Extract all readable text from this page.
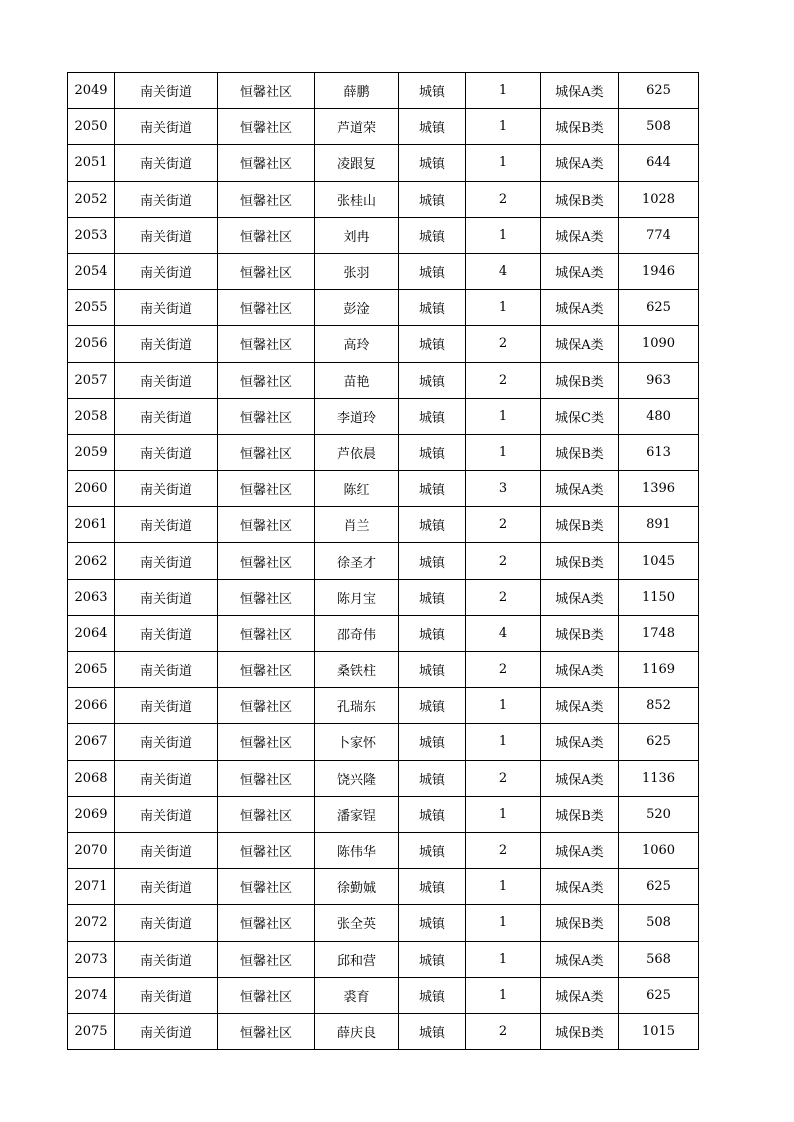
2049	南关街道	恒馨社区	薛鹏	城镇	1	城保A类	625
2050	南关街道	恒馨社区	芦道荣	城镇	1	城保B类	508
2051	南关街道	恒馨社区	凌跟复	城镇	1	城保A类	644
2052	南关街道	恒馨社区	张桂山	城镇	2	城保B类	1028
2053	南关街道	恒馨社区	刘冉	城镇	1	城保A类	774
2054	南关街道	恒馨社区	张羽	城镇	4	城保A类	1946
2055	南关街道	恒馨社区	彭淦	城镇	1	城保A类	625
2056	南关街道	恒馨社区	高玲	城镇	2	城保A类	1090
2057	南关街道	恒馨社区	苗艳	城镇	2	城保B类	963
2058	南关街道	恒馨社区	李道玲	城镇	1	城保C类	480
2059	南关街道	恒馨社区	芦依晨	城镇	1	城保B类	613
2060	南关街道	恒馨社区	陈红	城镇	3	城保A类	1396
2061	南关街道	恒馨社区	肖兰	城镇	2	城保B类	891
2062	南关街道	恒馨社区	徐圣才	城镇	2	城保B类	1045
2063	南关街道	恒馨社区	陈月宝	城镇	2	城保A类	1150
2064	南关街道	恒馨社区	邵奇伟	城镇	4	城保B类	1748
2065	南关街道	恒馨社区	桑铁柱	城镇	2	城保A类	1169
2066	南关街道	恒馨社区	孔瑞东	城镇	1	城保A类	852
2067	南关街道	恒馨社区	卜家怀	城镇	1	城保A类	625
2068	南关街道	恒馨社区	饶兴隆	城镇	2	城保A类	1136
2069	南关街道	恒馨社区	潘家锃	城镇	1	城保B类	520
2070	南关街道	恒馨社区	陈伟华	城镇	2	城保A类	1060
2071	南关街道	恒馨社区	徐勤娍	城镇	1	城保A类	625
2072	南关街道	恒馨社区	张全英	城镇	1	城保B类	508
2073	南关街道	恒馨社区	邱和营	城镇	1	城保A类	568
2074	南关街道	恒馨社区	裘育	城镇	1	城保A类	625
2075	南关街道	恒馨社区	薛庆良	城镇	2	城保B类	1015
